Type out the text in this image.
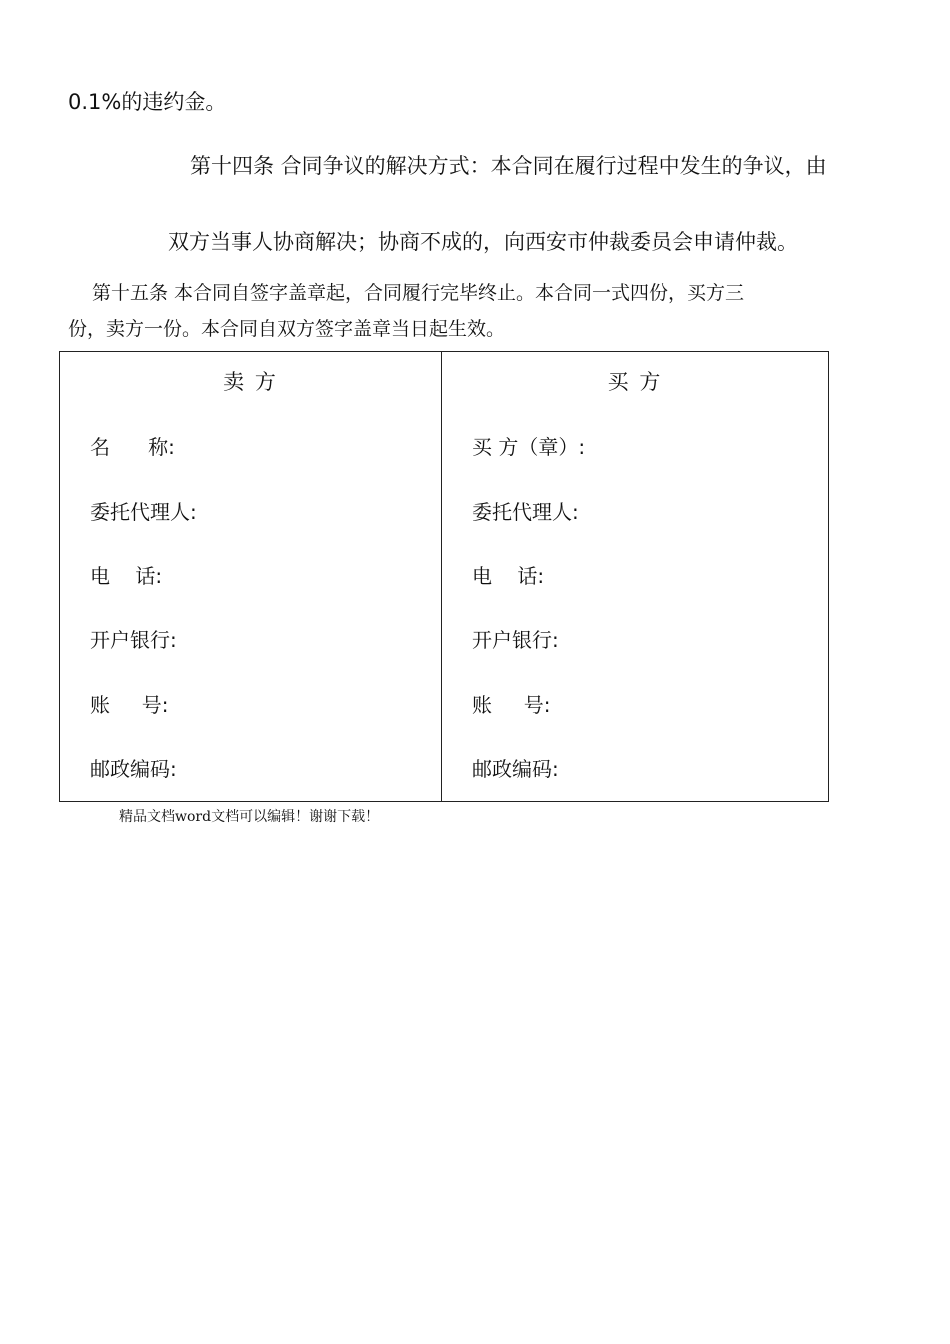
0.1%的违约金。
第十四条 合同争议的解决方式：本合同在履行过程中发生的争议，由
双方当事人协商解决；协商不成的，向西安市仲裁委员会申请仲裁。
第十五条 本合同自签字盖章起，合同履行完毕终止。本合同一式四份，买方三
份，卖方一份。本合同自双方签字盖章当日起生效。
卖 方
名      称:
委托代理人:
电    话:
开户银行:
账     号:
邮政编码:
买 方
买 方（章）:
委托代理人:
电    话:
开户银行:
账     号:
邮政编码:
精品文档word文档可以编辑！谢谢下载！
